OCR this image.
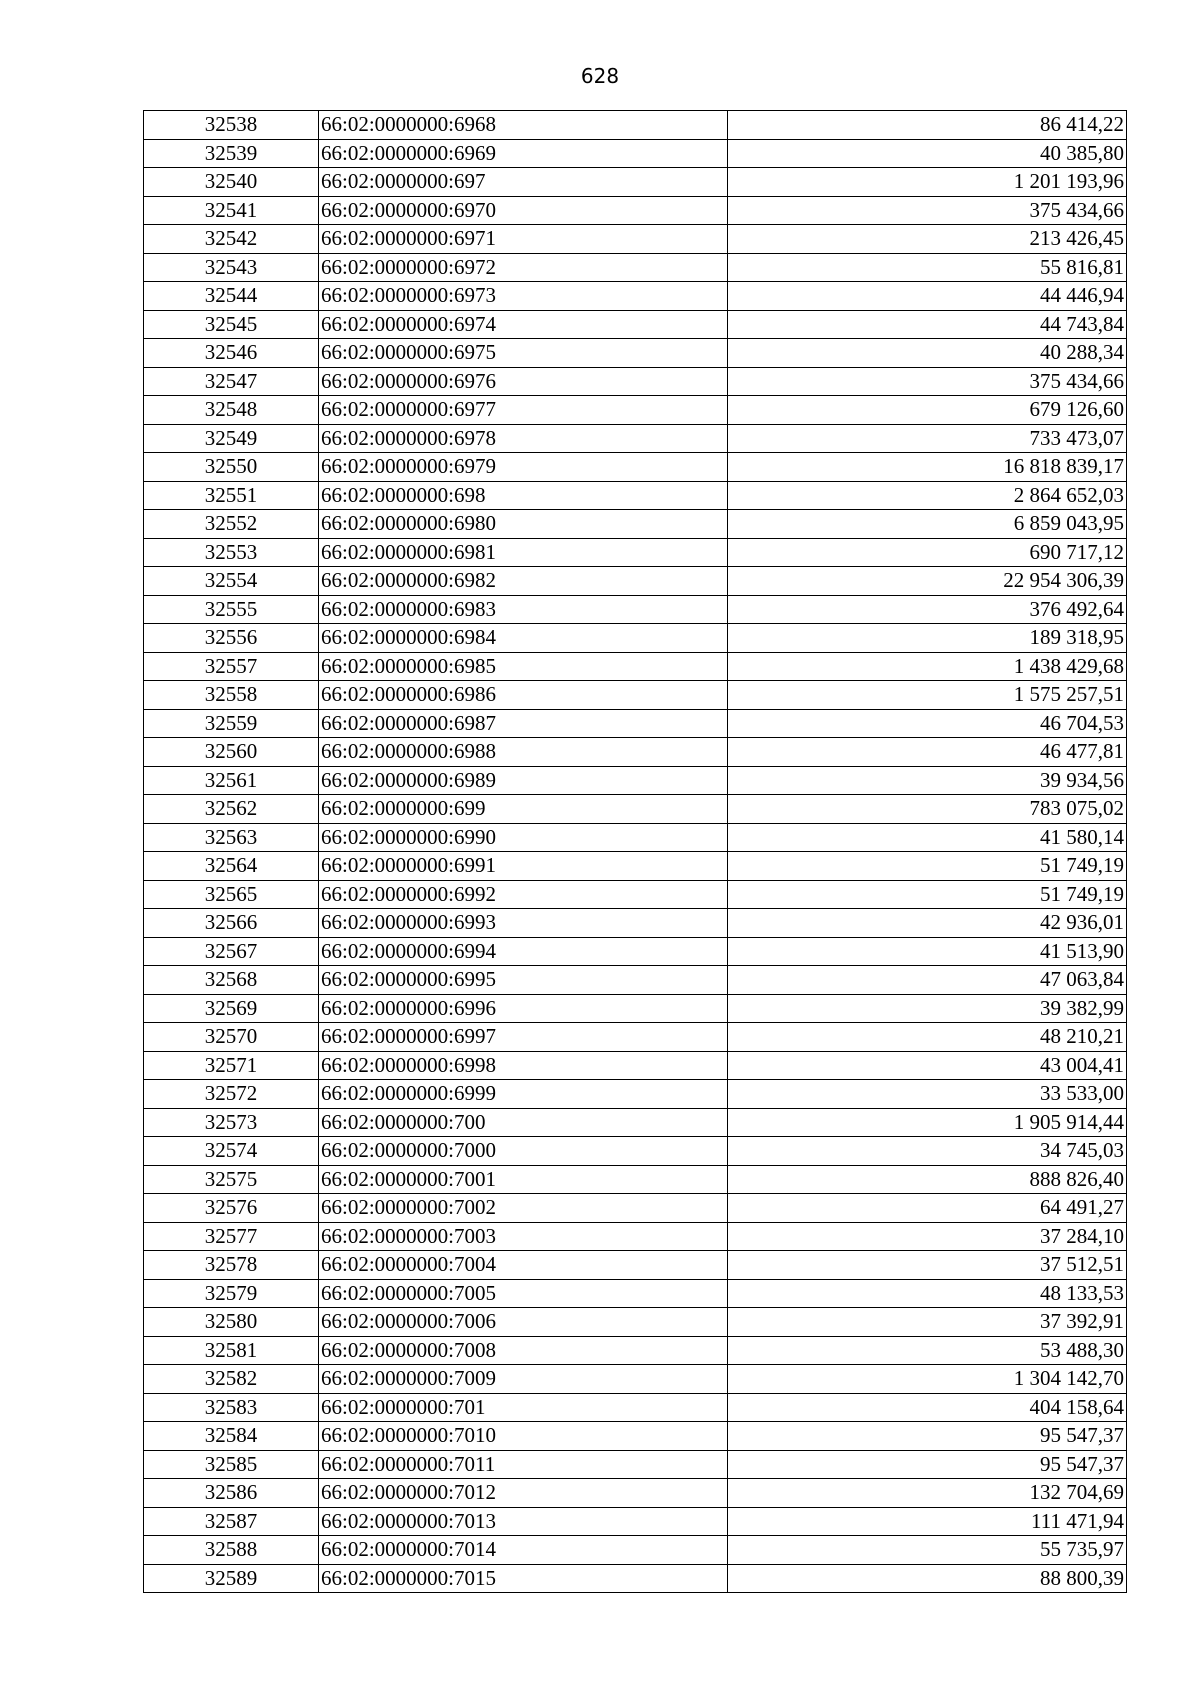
628
32538	66:02:0000000:6968	86 414,22
32539	66:02:0000000:6969	40 385,80
32540	66:02:0000000:697	1 201 193,96
32541	66:02:0000000:6970	375 434,66
32542	66:02:0000000:6971	213 426,45
32543	66:02:0000000:6972	55 816,81
32544	66:02:0000000:6973	44 446,94
32545	66:02:0000000:6974	44 743,84
32546	66:02:0000000:6975	40 288,34
32547	66:02:0000000:6976	375 434,66
32548	66:02:0000000:6977	679 126,60
32549	66:02:0000000:6978	733 473,07
32550	66:02:0000000:6979	16 818 839,17
32551	66:02:0000000:698	2 864 652,03
32552	66:02:0000000:6980	6 859 043,95
32553	66:02:0000000:6981	690 717,12
32554	66:02:0000000:6982	22 954 306,39
32555	66:02:0000000:6983	376 492,64
32556	66:02:0000000:6984	189 318,95
32557	66:02:0000000:6985	1 438 429,68
32558	66:02:0000000:6986	1 575 257,51
32559	66:02:0000000:6987	46 704,53
32560	66:02:0000000:6988	46 477,81
32561	66:02:0000000:6989	39 934,56
32562	66:02:0000000:699	783 075,02
32563	66:02:0000000:6990	41 580,14
32564	66:02:0000000:6991	51 749,19
32565	66:02:0000000:6992	51 749,19
32566	66:02:0000000:6993	42 936,01
32567	66:02:0000000:6994	41 513,90
32568	66:02:0000000:6995	47 063,84
32569	66:02:0000000:6996	39 382,99
32570	66:02:0000000:6997	48 210,21
32571	66:02:0000000:6998	43 004,41
32572	66:02:0000000:6999	33 533,00
32573	66:02:0000000:700	1 905 914,44
32574	66:02:0000000:7000	34 745,03
32575	66:02:0000000:7001	888 826,40
32576	66:02:0000000:7002	64 491,27
32577	66:02:0000000:7003	37 284,10
32578	66:02:0000000:7004	37 512,51
32579	66:02:0000000:7005	48 133,53
32580	66:02:0000000:7006	37 392,91
32581	66:02:0000000:7008	53 488,30
32582	66:02:0000000:7009	1 304 142,70
32583	66:02:0000000:701	404 158,64
32584	66:02:0000000:7010	95 547,37
32585	66:02:0000000:7011	95 547,37
32586	66:02:0000000:7012	132 704,69
32587	66:02:0000000:7013	111 471,94
32588	66:02:0000000:7014	55 735,97
32589	66:02:0000000:7015	88 800,39
